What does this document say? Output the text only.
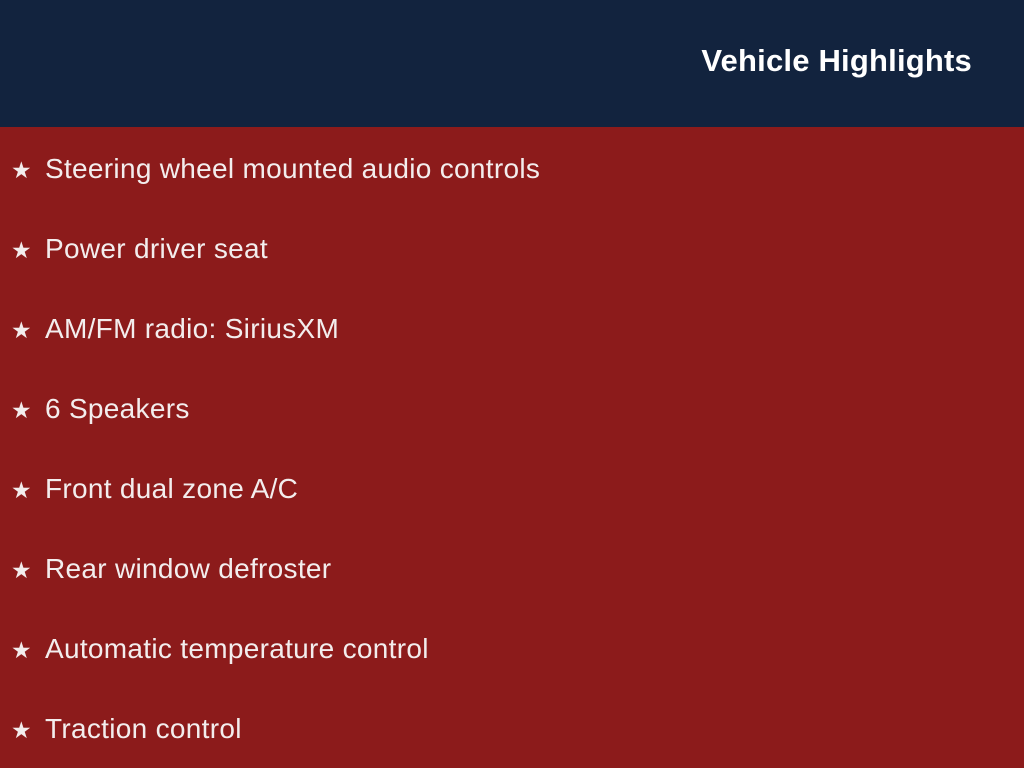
Vehicle Highlights
★ Steering wheel mounted audio controls
★ Power driver seat
★ AM/FM radio: SiriusXM
★ 6 Speakers
★ Front dual zone A/C
★ Rear window defroster
★ Automatic temperature control
★ Traction control
